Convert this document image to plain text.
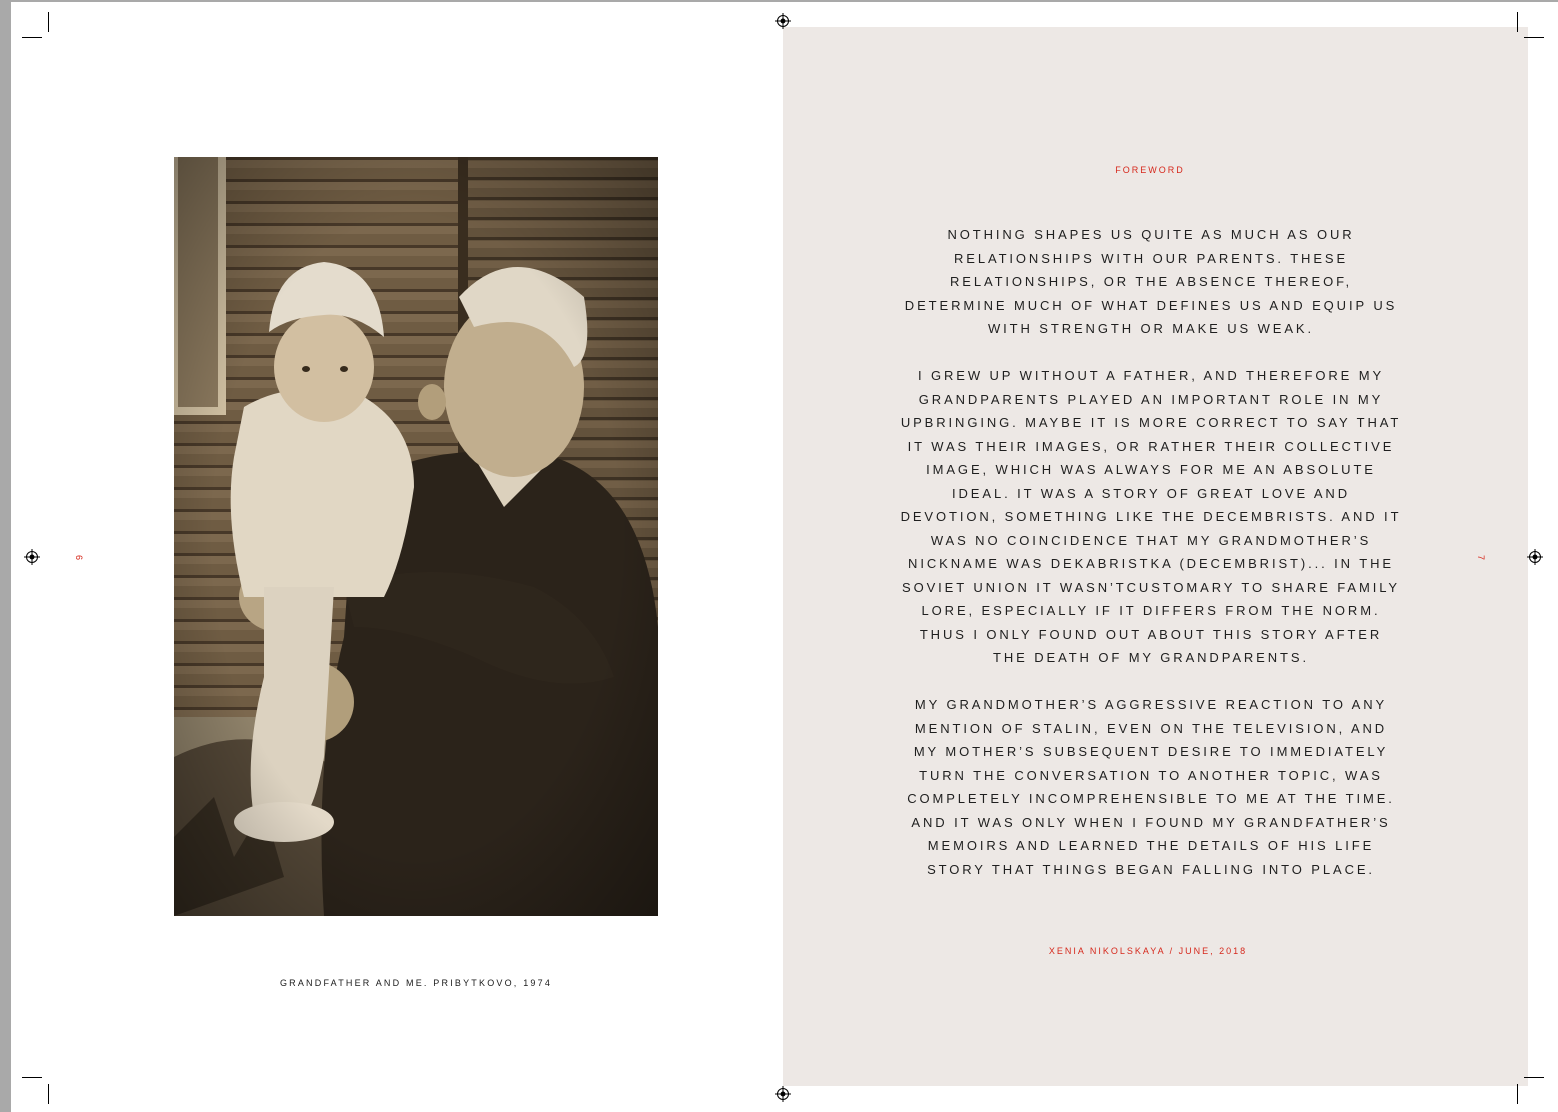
6	7
GRANDFATHER AND ME. PRIBYTKOVO, 1974
FOREWORD

NOTHING SHAPES US QUITE AS MUCH AS OUR RELATIONSHIPS WITH OUR PARENTS. THESE RELATIONSHIPS, OR THE ABSENCE THEREOF, DETERMINE MUCH OF WHAT DEFINES US AND EQUIP US WITH STRENGTH OR MAKE US WEAK.

I GREW UP WITHOUT A FATHER, AND THEREFORE MY GRANDPARENTS PLAYED AN IMPORTANT ROLE IN MY UPBRINGING. MAYBE IT IS MORE CORRECT TO SAY THAT IT WAS THEIR IMAGES, OR RATHER THEIR COLLECTIVE IMAGE, WHICH WAS ALWAYS FOR ME AN ABSOLUTE IDEAL. IT WAS A STORY OF GREAT LOVE AND DEVOTION, SOMETHING LIKE THE DECEMBRISTS. AND IT WAS NO COINCIDENCE THAT MY GRANDMOTHER’S NICKNAME WAS DEKABRISTKA (DECEMBRIST)... IN THE SOVIET UNION IT WASN’TCUSTOMARY TO SHARE FAMILY LORE, ESPECIALLY IF IT DIFFERS FROM THE NORM. THUS I ONLY FOUND OUT ABOUT THIS STORY AFTER THE DEATH OF MY GRANDPARENTS.

MY GRANDMOTHER’S AGGRESSIVE REACTION TO ANY MENTION OF STALIN, EVEN ON THE TELEVISION, AND MY MOTHER’S SUBSEQUENT DESIRE TO IMMEDIATELY TURN THE CONVERSATION TO ANOTHER TOPIC, WAS COMPLETELY INCOMPREHENSIBLE TO ME AT THE TIME. AND IT WAS ONLY WHEN I FOUND MY GRANDFATHER’S MEMOIRS AND LEARNED THE DETAILS OF HIS LIFE STORY THAT THINGS BEGAN FALLING INTO PLACE.

XENIA NIKOLSKAYA / JUNE, 2018
